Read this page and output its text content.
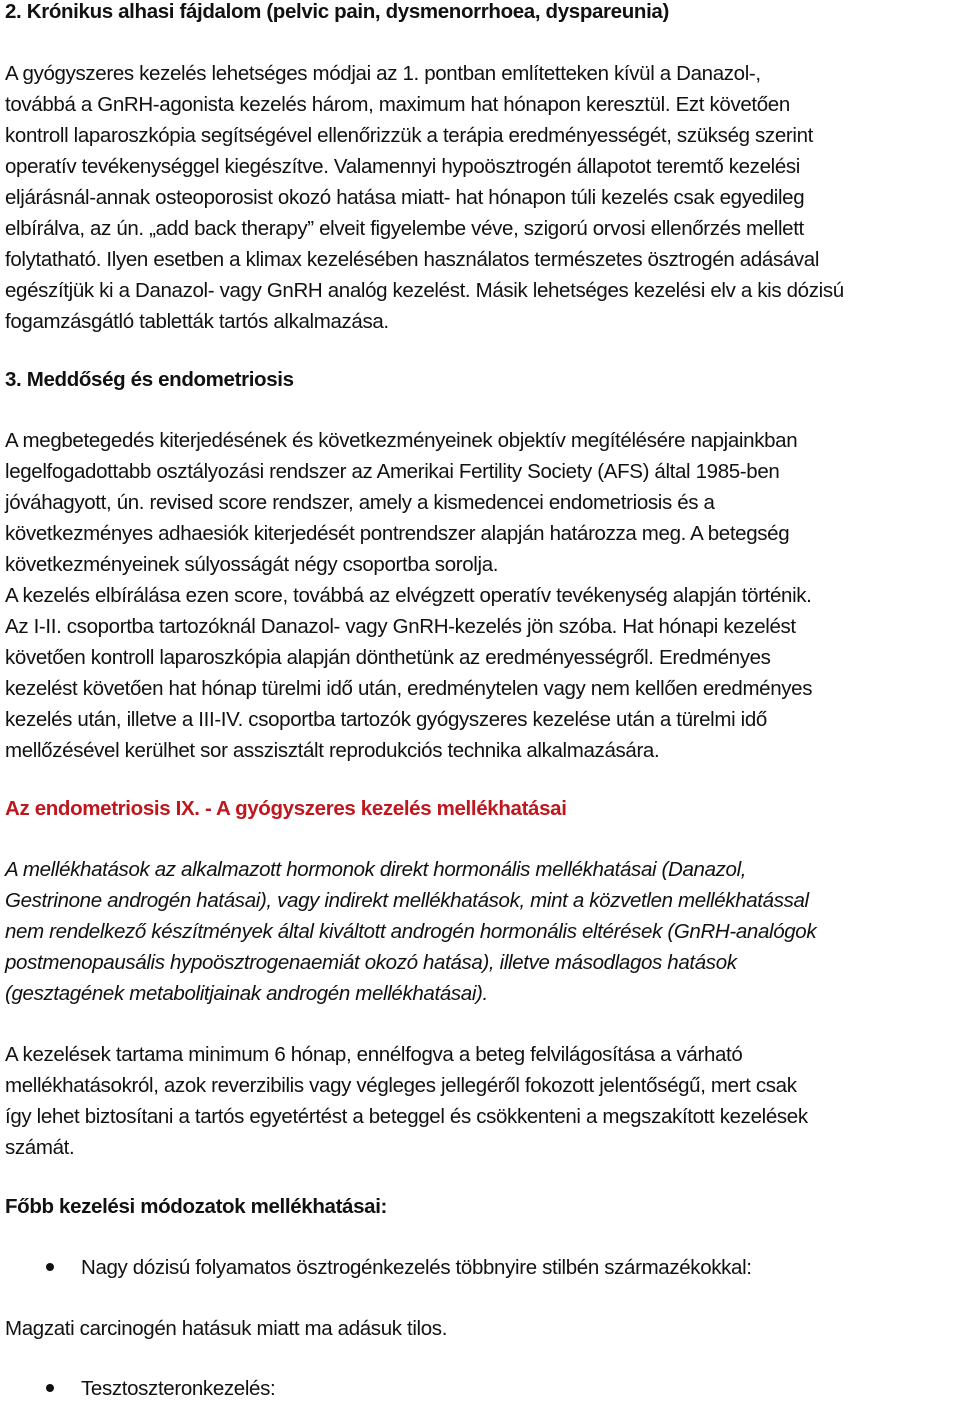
2. Krónikus alhasi fájdalom (pelvic pain, dysmenorrhoea, dyspareunia)
A gyógyszeres kezelés lehetséges módjai az 1. pontban említetteken kívül a Danazol-,
továbbá a GnRH-agonista kezelés három, maximum hat hónapon keresztül. Ezt követően
kontroll laparoszkópia segítségével ellenőrizzük a terápia eredményességét, szükség szerint
operatív tevékenységgel kiegészítve. Valamennyi hypoösztrogén állapotot teremtő kezelési
eljárásnál-annak osteoporosist okozó hatása miatt- hat hónapon túli kezelés csak egyedileg
elbírálva, az ún. „add back therapy” elveit figyelembe véve, szigorú orvosi ellenőrzés mellett
folytatható. Ilyen esetben a klimax kezelésében használatos természetes ösztrogén adásával
egészítjük ki a Danazol- vagy GnRH analóg kezelést. Másik lehetséges kezelési elv a kis dózisú
fogamzásgátló tabletták tartós alkalmazása.
3. Meddőség és endometriosis
A megbetegedés kiterjedésének és következményeinek objektív megítélésére napjainkban
legelfogadottabb osztályozási rendszer az Amerikai Fertility Society (AFS) által 1985-ben
jóváhagyott, ún. revised score rendszer, amely a kismedencei endometriosis és a
következményes adhaesiók kiterjedését pontrendszer alapján határozza meg. A betegség
következményeinek súlyosságát négy csoportba sorolja.
A kezelés elbírálása ezen score, továbbá az elvégzett operatív tevékenység alapján történik.
Az I-II. csoportba tartozóknál Danazol- vagy GnRH-kezelés jön szóba. Hat hónapi kezelést
követően kontroll laparoszkópia alapján dönthetünk az eredményességről. Eredményes
kezelést követően hat hónap türelmi idő után, eredménytelen vagy nem kellően eredményes
kezelés után, illetve a III-IV. csoportba tartozók gyógyszeres kezelése után a türelmi idő
mellőzésével kerülhet sor asszisztált reprodukciós technika alkalmazására.
Az endometriosis IX. - A gyógyszeres kezelés mellékhatásai
A mellékhatások az alkalmazott hormonok direkt hormonális mellékhatásai (Danazol,
Gestrinone androgén hatásai), vagy indirekt mellékhatások, mint a közvetlen mellékhatással
nem rendelkező készítmények által kiváltott androgén hormonális eltérések (GnRH-analógok
postmenopausális hypoösztrogenaemiát okozó hatása), illetve másodlagos hatások
(gesztagének metabolitjainak androgén mellékhatásai).
A kezelések tartama minimum 6 hónap, ennélfogva a beteg felvilágosítása a várható
mellékhatásokról, azok reverzibilis vagy végleges jellegéről fokozott jelentőségű, mert csak
így lehet biztosítani a tartós egyetértést a beteggel és csökkenteni a megszakított kezelések
számát.
Főbb kezelési módozatok mellékhatásai:
Nagy dózisú folyamatos ösztrogénkezelés többnyire stilbén származékokkal:
Magzati carcinogén hatásuk miatt ma adásuk tilos.
Tesztoszteronkezelés:
